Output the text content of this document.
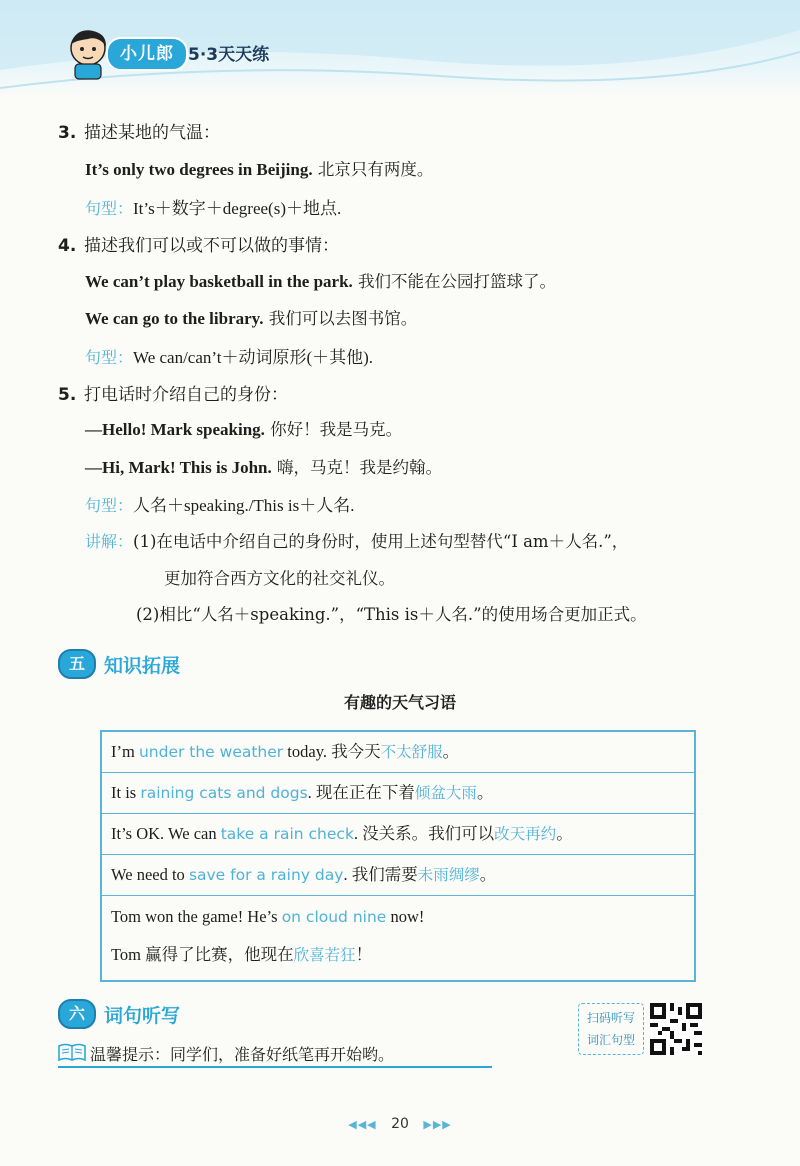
小儿郎 5·3天天练
3. 描述某地的气温：
It’s only two degrees in Beijing. 北京只有两度。
句型：It’s＋数字＋degree(s)＋地点.
4. 描述我们可以或不可以做的事情：
We can’t play basketball in the park. 我们不能在公园打篮球了。
We can go to the library. 我们可以去图书馆。
句型：We can/can’t＋动词原形(＋其他).
5. 打电话时介绍自己的身份：
—Hello! Mark speaking. 你好！我是马克。
—Hi, Mark! This is John. 嗨，马克！我是约翰。
句型：人名＋speaking./This is＋人名.
讲解：(1)在电话中介绍自己的身份时，使用上述句型替代“I am＋人名.”，
更加符合西方文化的社交礼仪。
(2)相比“人名＋speaking.”，“This is＋人名.”的使用场合更加正式。
五	知识拓展
有趣的天气习语
I’m under the weather today. 我今天不太舒服。
It is raining cats and dogs. 现在正在下着倾盆大雨。
It’s OK. We can take a rain check. 没关系。我们可以改天再约。
We need to save for a rainy day. 我们需要未雨绸缪。
Tom won the game! He’s on cloud nine now!
Tom 赢得了比赛，他现在欣喜若狂！
六	词句听写	扫码听写
词汇句型
温馨提示：同学们，准备好纸笔再开始哟。
◀◀◀ 20 ▶▶▶
